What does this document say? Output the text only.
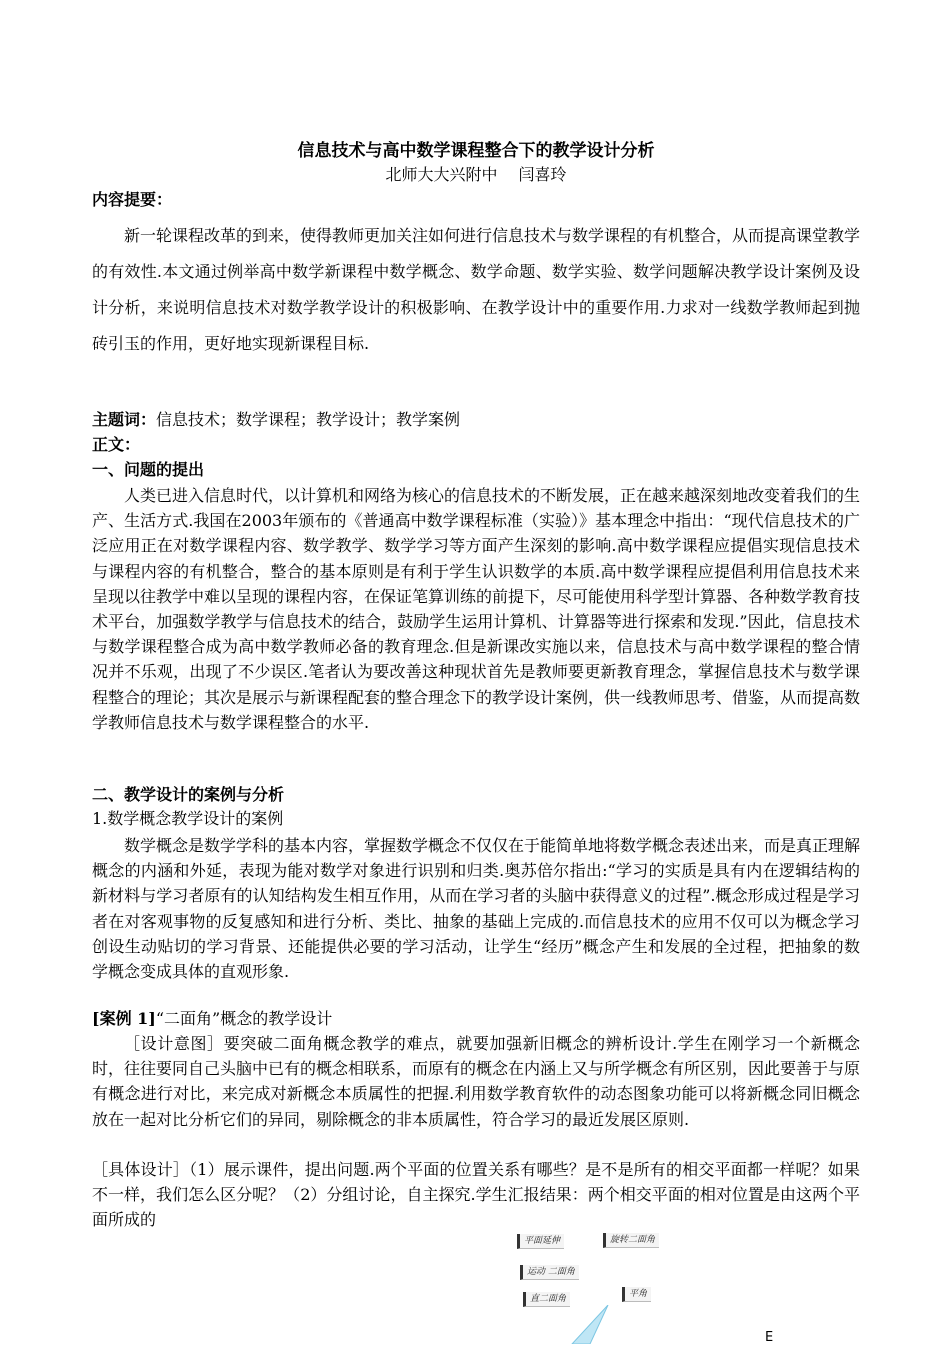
信息技术与高中数学课程整合下的教学设计分析
北师大大兴附中　 闫喜玲
内容提要：

新一轮课程改革的到来，使得教师更加关注如何进行信息技术与数学课程的有机整合，从而提高课堂教学的有效性.本文通过例举高中数学新课程中数学概念、数学命题、数学实验、数学问题解决教学设计案例及设计分析，来说明信息技术对数学教学设计的积极影响、在教学设计中的重要作用.力求对一线数学教师起到抛砖引玉的作用，更好地实现新课程目标.

主题词：信息技术；数学课程；教学设计；教学案例
正文：
一、问题的提出

人类已进入信息时代，以计算机和网络为核心的信息技术的不断发展，正在越来越深刻地改变着我们的生产、生活方式.我国在2003年颁布的《普通高中数学课程标准（实验）》基本理念中指出：“现代信息技术的广泛应用正在对数学课程内容、数学教学、数学学习等方面产生深刻的影响.高中数学课程应提倡实现信息技术与课程内容的有机整合，整合的基本原则是有利于学生认识数学的本质.高中数学课程应提倡利用信息技术来呈现以往教学中难以呈现的课程内容，在保证笔算训练的前提下，尽可能使用科学型计算器、各种数学教育技术平台，加强数学教学与信息技术的结合，鼓励学生运用计算机、计算器等进行探索和发现.”因此，信息技术与数学课程整合成为高中数学教师必备的教育理念.但是新课改实施以来，信息技术与高中数学课程的整合情况并不乐观，出现了不少误区.笔者认为要改善这种现状首先是教师要更新教育理念，掌握信息技术与数学课程整合的理论；其次是展示与新课程配套的整合理念下的教学设计案例，供一线教师思考、借鉴，从而提高数学教师信息技术与数学课程整合的水平.

二、教学设计的案例与分析
1.数学概念教学设计的案例

数学概念是数学学科的基本内容，掌握数学概念不仅仅在于能简单地将数学概念表述出来，而是真正理解概念的内涵和外延，表现为能对数学对象进行识别和归类.奥苏倍尔指出:“学习的实质是具有内在逻辑结构的新材料与学习者原有的认知结构发生相互作用，从而在学习者的头脑中获得意义的过程”.概念形成过程是学习者在对客观事物的反复感知和进行分析、类比、抽象的基础上完成的.而信息技术的应用不仅可以为概念学习创设生动贴切的学习背景、还能提供必要的学习活动，让学生“经历”概念产生和发展的全过程，把抽象的数学概念变成具体的直观形象.

[案例 1]“二面角”概念的教学设计

［设计意图］要突破二面角概念教学的难点，就要加强新旧概念的辨析设计.学生在刚学习一个新概念时，往往要同自己头脑中已有的概念相联系，而原有的概念在内涵上又与所学概念有所区别，因此要善于与原有概念进行对比，来完成对新概念本质属性的把握.利用数学教育软件的动态图象功能可以将新概念同旧概念放在一起对比分析它们的异同，剔除概念的非本质属性，符合学习的最近发展区原则.

［具体设计］（1）展示课件，提出问题.两个平面的位置关系有哪些？是不是所有的相交平面都一样呢？如果不一样，我们怎么区分呢？（2）分组讨论，自主探究.学生汇报结果：两个相交平面的相对位置是由这两个平面所成的

平面延伸	旋转二面角
运动 二面角
平角
直二面角
E
